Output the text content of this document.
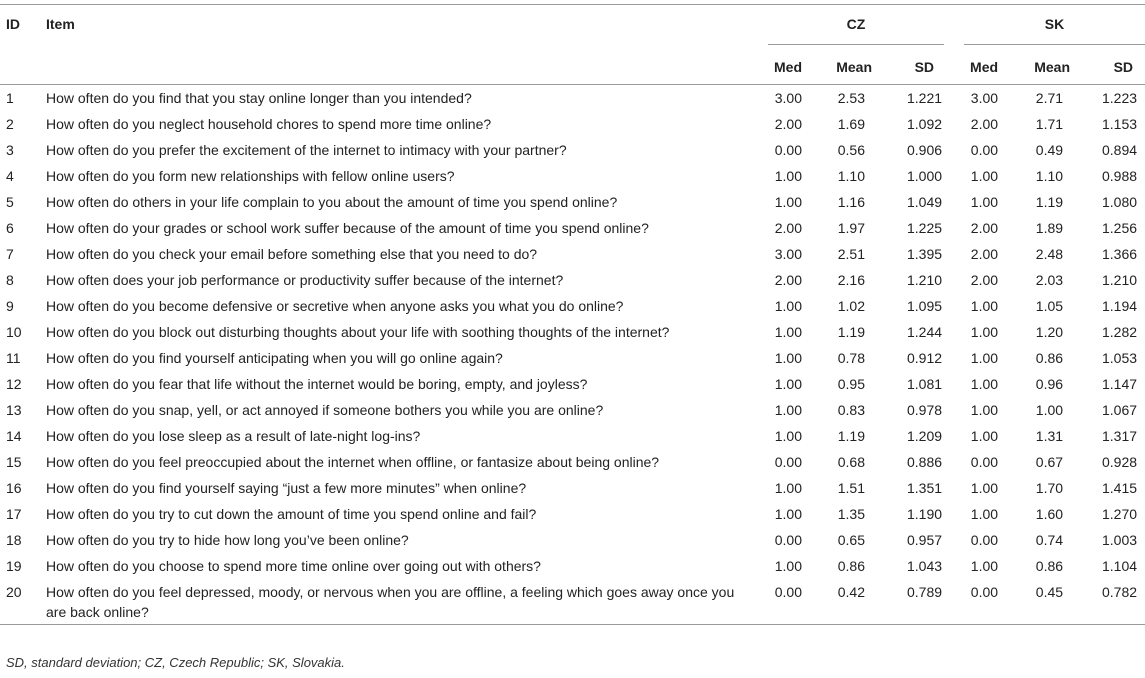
ID	Item	CZ				SK		

		Med	Mean	SD		Med	Mean	SD
1	How often do you find that you stay online longer than you intended?	3.00	2.53	1.221		3.00	2.71	1.223
2	How often do you neglect household chores to spend more time online?	2.00	1.69	1.092		2.00	1.71	1.153
3	How often do you prefer the excitement of the internet to intimacy with your partner?	0.00	0.56	0.906		0.00	0.49	0.894
4	How often do you form new relationships with fellow online users?	1.00	1.10	1.000		1.00	1.10	0.988
5	How often do others in your life complain to you about the amount of time you spend online?	1.00	1.16	1.049		1.00	1.19	1.080
6	How often do your grades or school work suffer because of the amount of time you spend online?	2.00	1.97	1.225		2.00	1.89	1.256
7	How often do you check your email before something else that you need to do?	3.00	2.51	1.395		2.00	2.48	1.366
8	How often does your job performance or productivity suffer because of the internet?	2.00	2.16	1.210		2.00	2.03	1.210
9	How often do you become defensive or secretive when anyone asks you what you do online?	1.00	1.02	1.095		1.00	1.05	1.194
10	How often do you block out disturbing thoughts about your life with soothing thoughts of the internet?	1.00	1.19	1.244		1.00	1.20	1.282
11	How often do you find yourself anticipating when you will go online again?	1.00	0.78	0.912		1.00	0.86	1.053
12	How often do you fear that life without the internet would be boring, empty, and joyless?	1.00	0.95	1.081		1.00	0.96	1.147
13	How often do you snap, yell, or act annoyed if someone bothers you while you are online?	1.00	0.83	0.978		1.00	1.00	1.067
14	How often do you lose sleep as a result of late-night log-ins?	1.00	1.19	1.209		1.00	1.31	1.317
15	How often do you feel preoccupied about the internet when offline, or fantasize about being online?	0.00	0.68	0.886		0.00	0.67	0.928
16	How often do you find yourself saying “just a few more minutes” when online?	1.00	1.51	1.351		1.00	1.70	1.415
17	How often do you try to cut down the amount of time you spend online and fail?	1.00	1.35	1.190		1.00	1.60	1.270
18	How often do you try to hide how long you’ve been online?	0.00	0.65	0.957		0.00	0.74	1.003
19	How often do you choose to spend more time online over going out with others?	1.00	0.86	1.043		1.00	0.86	1.104
20	How often do you feel depressed, moody, or nervous when you are offline, a feeling which goes away once you are back online?	0.00	0.42	0.789		0.00	0.45	0.782
SD, standard deviation; CZ, Czech Republic; SK, Slovakia.
